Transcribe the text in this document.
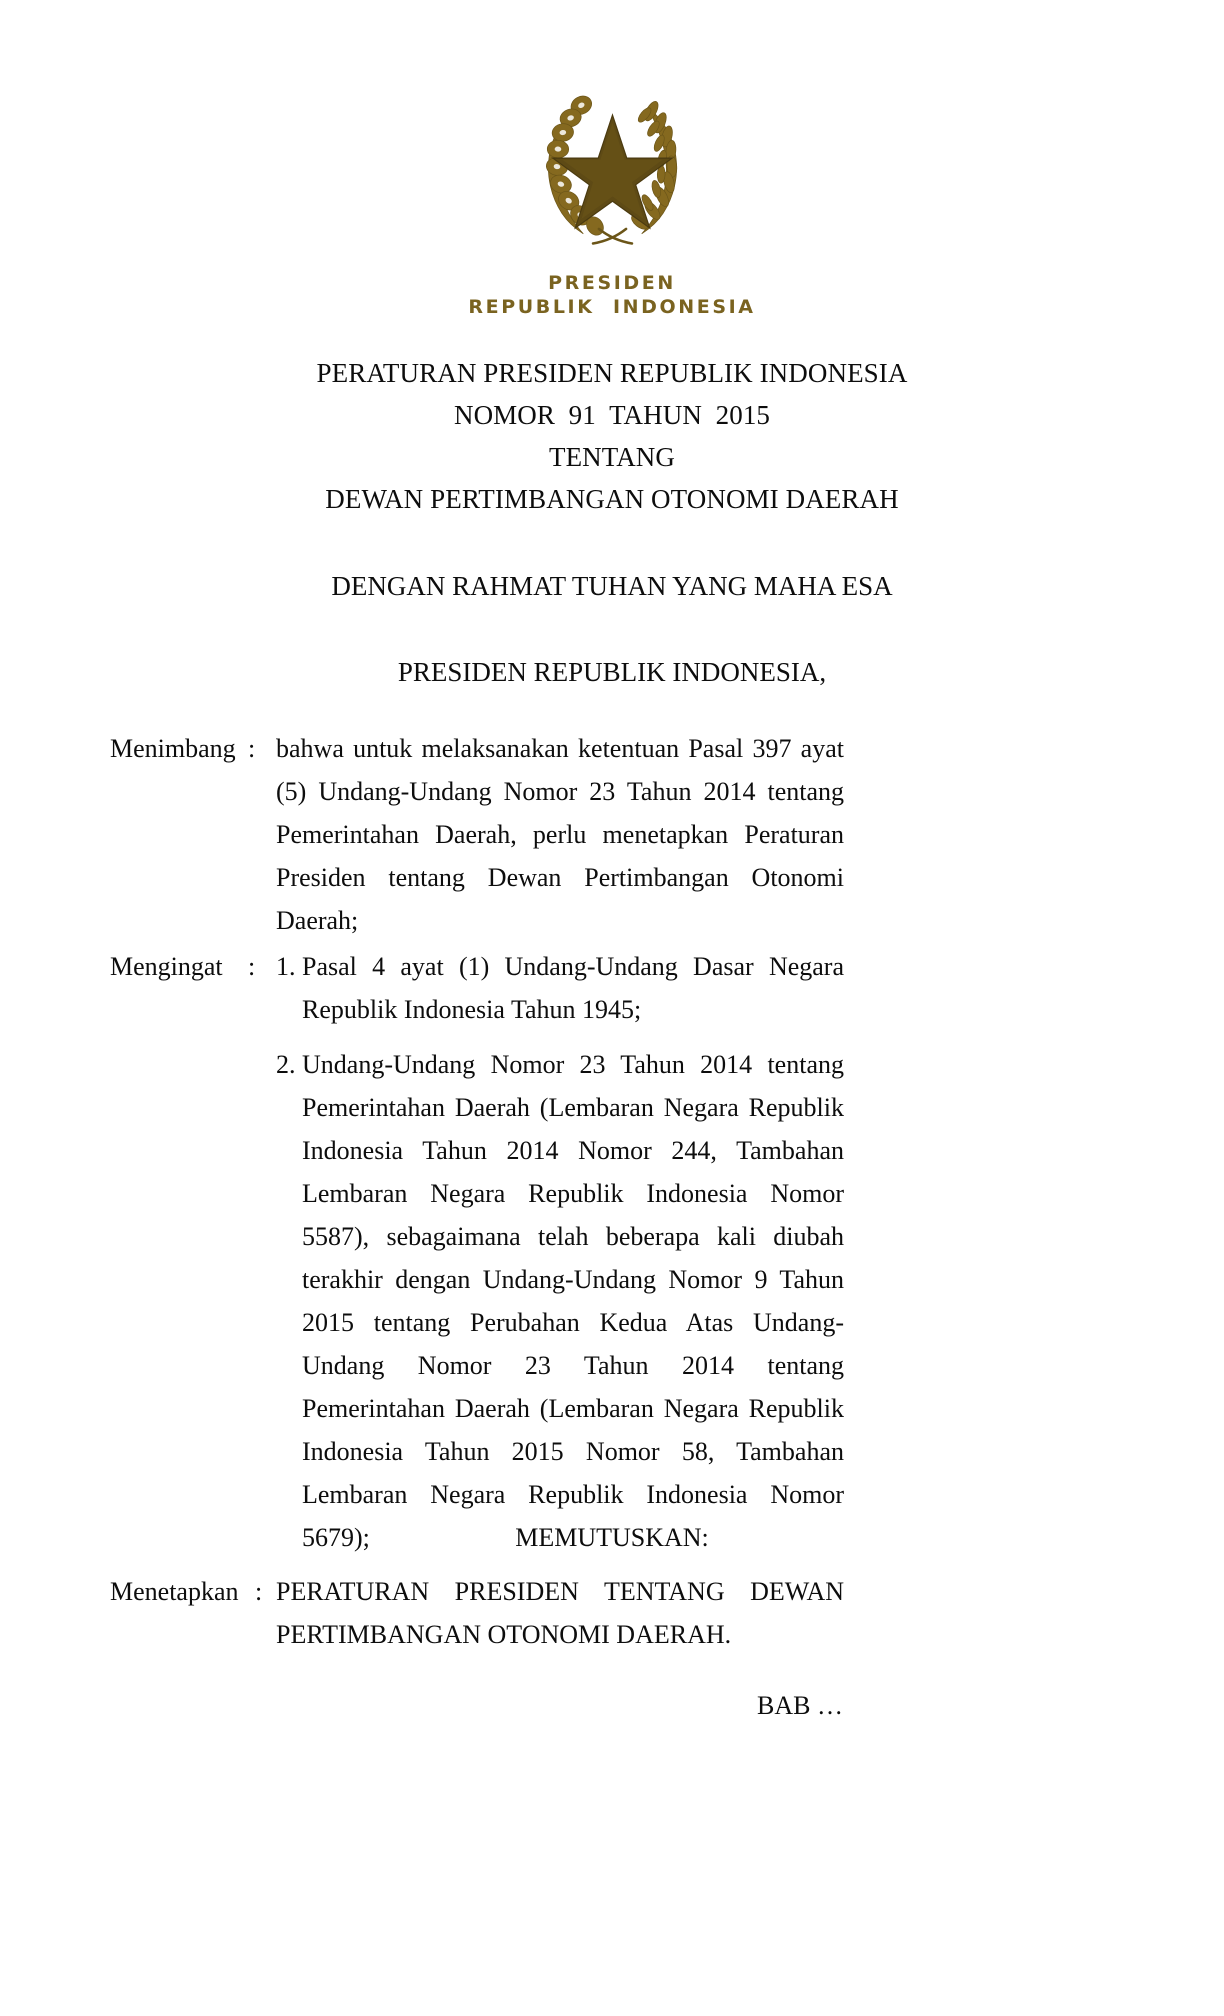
PRESIDEN
REPUBLIK  INDONESIA
PERATURAN PRESIDEN REPUBLIK INDONESIA
NOMOR  91  TAHUN  2015
TENTANG
DEWAN PERTIMBANGAN OTONOMI DAERAH
DENGAN RAHMAT TUHAN YANG MAHA ESA
PRESIDEN REPUBLIK INDONESIA,
Menimbang : bahwa untuk melaksanakan ketentuan Pasal 397 ayat (5) Undang-Undang Nomor 23 Tahun 2014 tentang Pemerintahan Daerah, perlu menetapkan Peraturan Presiden tentang Dewan Pertimbangan Otonomi Daerah;

Mengingat : 1. Pasal 4 ayat (1) Undang-Undang Dasar Negara Republik Indonesia Tahun 1945;
2. Undang-Undang Nomor 23 Tahun 2014 tentang Pemerintahan Daerah (Lembaran Negara Republik Indonesia Tahun 2014 Nomor 244, Tambahan Lembaran Negara Republik Indonesia Nomor 5587), sebagaimana telah beberapa kali diubah terakhir dengan Undang-Undang Nomor 9 Tahun 2015 tentang Perubahan Kedua Atas Undang-Undang Nomor 23 Tahun 2014 tentang Pemerintahan Daerah (Lembaran Negara Republik Indonesia Tahun 2015 Nomor 58, Tambahan Lembaran Negara Republik Indonesia Nomor 5679);	MEMUTUSKAN:
Menetapkan : PERATURAN PRESIDEN TENTANG DEWAN PERTIMBANGAN OTONOMI DAERAH.

BAB …
